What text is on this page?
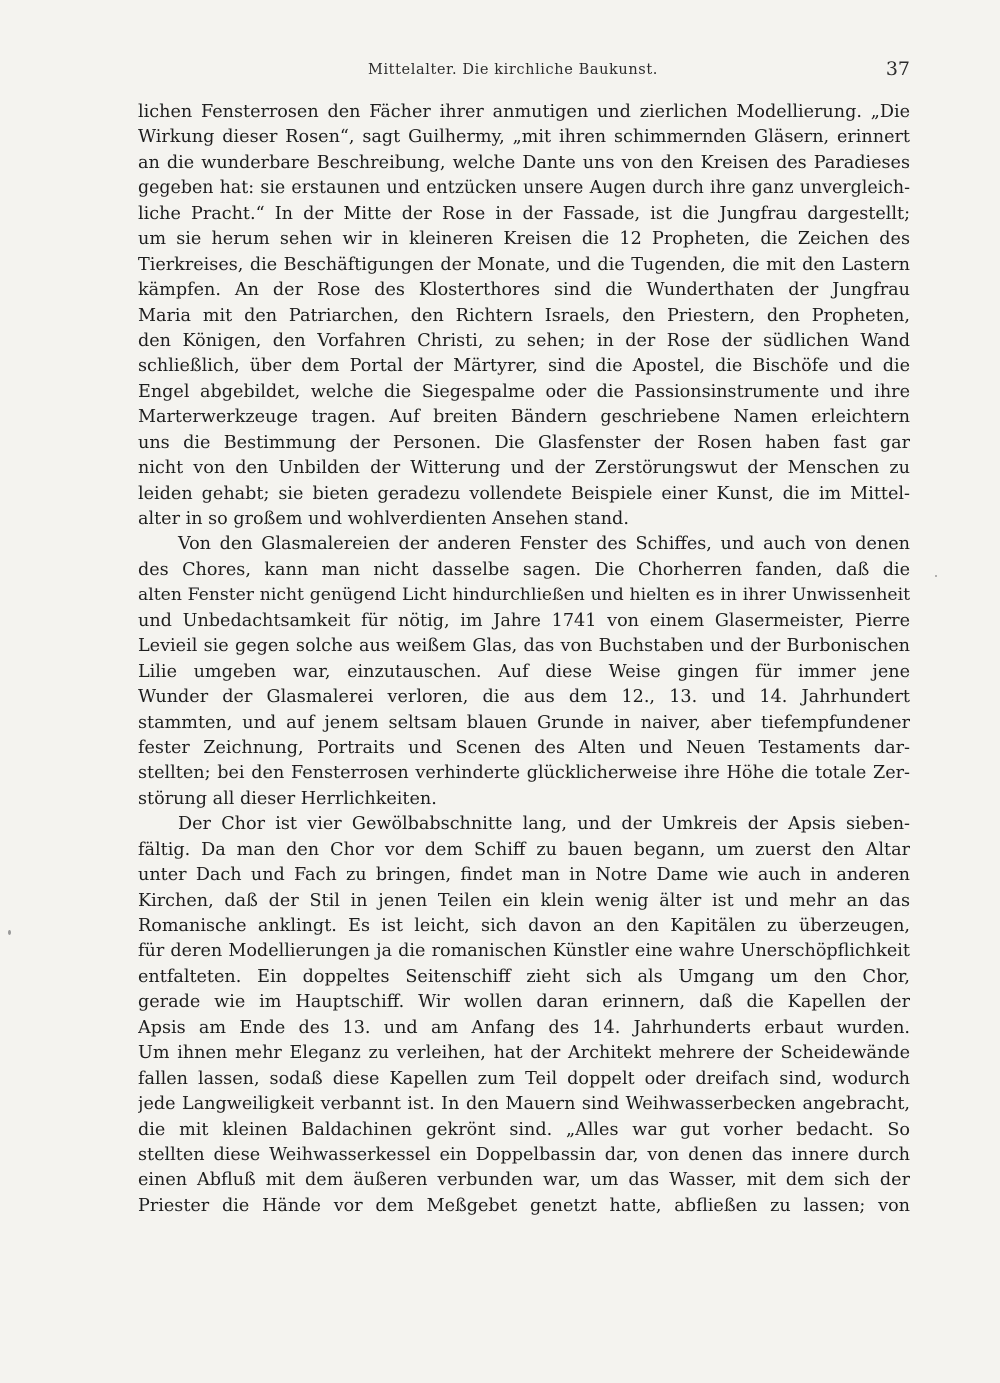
Mittelalter. Die kirchliche Baukunst.	37
lichen Fensterrosen den Fächer ihrer anmutigen und zierlichen Modellierung. „Die
Wirkung dieser Rosen“, sagt Guilhermy, „mit ihren schimmernden Gläsern, erinnert
an die wunderbare Beschreibung, welche Dante uns von den Kreisen des Paradieses
gegeben hat: sie erstaunen und entzücken unsere Augen durch ihre ganz unvergleich-
liche Pracht.“ In der Mitte der Rose in der Fassade, ist die Jungfrau dargestellt;
um sie herum sehen wir in kleineren Kreisen die 12 Propheten, die Zeichen des
Tierkreises, die Beschäftigungen der Monate, und die Tugenden, die mit den Lastern
kämpfen. An der Rose des Klosterthores sind die Wunderthaten der Jungfrau
Maria mit den Patriarchen, den Richtern Israels, den Priestern, den Propheten,
den Königen, den Vorfahren Christi, zu sehen; in der Rose der südlichen Wand
schließlich, über dem Portal der Märtyrer, sind die Apostel, die Bischöfe und die
Engel abgebildet, welche die Siegespalme oder die Passionsinstrumente und ihre
Marterwerkzeuge tragen. Auf breiten Bändern geschriebene Namen erleichtern
uns die Bestimmung der Personen. Die Glasfenster der Rosen haben fast gar
nicht von den Unbilden der Witterung und der Zerstörungswut der Menschen zu
leiden gehabt; sie bieten geradezu vollendete Beispiele einer Kunst, die im Mittel-
alter in so großem und wohlverdienten Ansehen stand.
Von den Glasmalereien der anderen Fenster des Schiffes, und auch von denen
des Chores, kann man nicht dasselbe sagen. Die Chorherren fanden, daß die
alten Fenster nicht genügend Licht hindurchließen und hielten es in ihrer Unwissenheit
und Unbedachtsamkeit für nötig, im Jahre 1741 von einem Glasermeister, Pierre
Levieil sie gegen solche aus weißem Glas, das von Buchstaben und der Burbonischen
Lilie umgeben war, einzutauschen. Auf diese Weise gingen für immer jene
Wunder der Glasmalerei verloren, die aus dem 12., 13. und 14. Jahrhundert
stammten, und auf jenem seltsam blauen Grunde in naiver, aber tiefempfundener
fester Zeichnung, Portraits und Scenen des Alten und Neuen Testaments dar-
stellten; bei den Fensterrosen verhinderte glücklicherweise ihre Höhe die totale Zer-
störung all dieser Herrlichkeiten.
Der Chor ist vier Gewölbabschnitte lang, und der Umkreis der Apsis sieben-
fältig. Da man den Chor vor dem Schiff zu bauen begann, um zuerst den Altar
unter Dach und Fach zu bringen, findet man in Notre Dame wie auch in anderen
Kirchen, daß der Stil in jenen Teilen ein klein wenig älter ist und mehr an das
Romanische anklingt. Es ist leicht, sich davon an den Kapitälen zu überzeugen,
für deren Modellierungen ja die romanischen Künstler eine wahre Unerschöpflichkeit
entfalteten. Ein doppeltes Seitenschiff zieht sich als Umgang um den Chor,
gerade wie im Hauptschiff. Wir wollen daran erinnern, daß die Kapellen der
Apsis am Ende des 13. und am Anfang des 14. Jahrhunderts erbaut wurden.
Um ihnen mehr Eleganz zu verleihen, hat der Architekt mehrere der Scheidewände
fallen lassen, sodaß diese Kapellen zum Teil doppelt oder dreifach sind, wodurch
jede Langweiligkeit verbannt ist. In den Mauern sind Weihwasserbecken angebracht,
die mit kleinen Baldachinen gekrönt sind. „Alles war gut vorher bedacht. So
stellten diese Weihwasserkessel ein Doppelbassin dar, von denen das innere durch
einen Abfluß mit dem äußeren verbunden war, um das Wasser, mit dem sich der
Priester die Hände vor dem Meßgebet genetzt hatte, abfließen zu lassen; von
